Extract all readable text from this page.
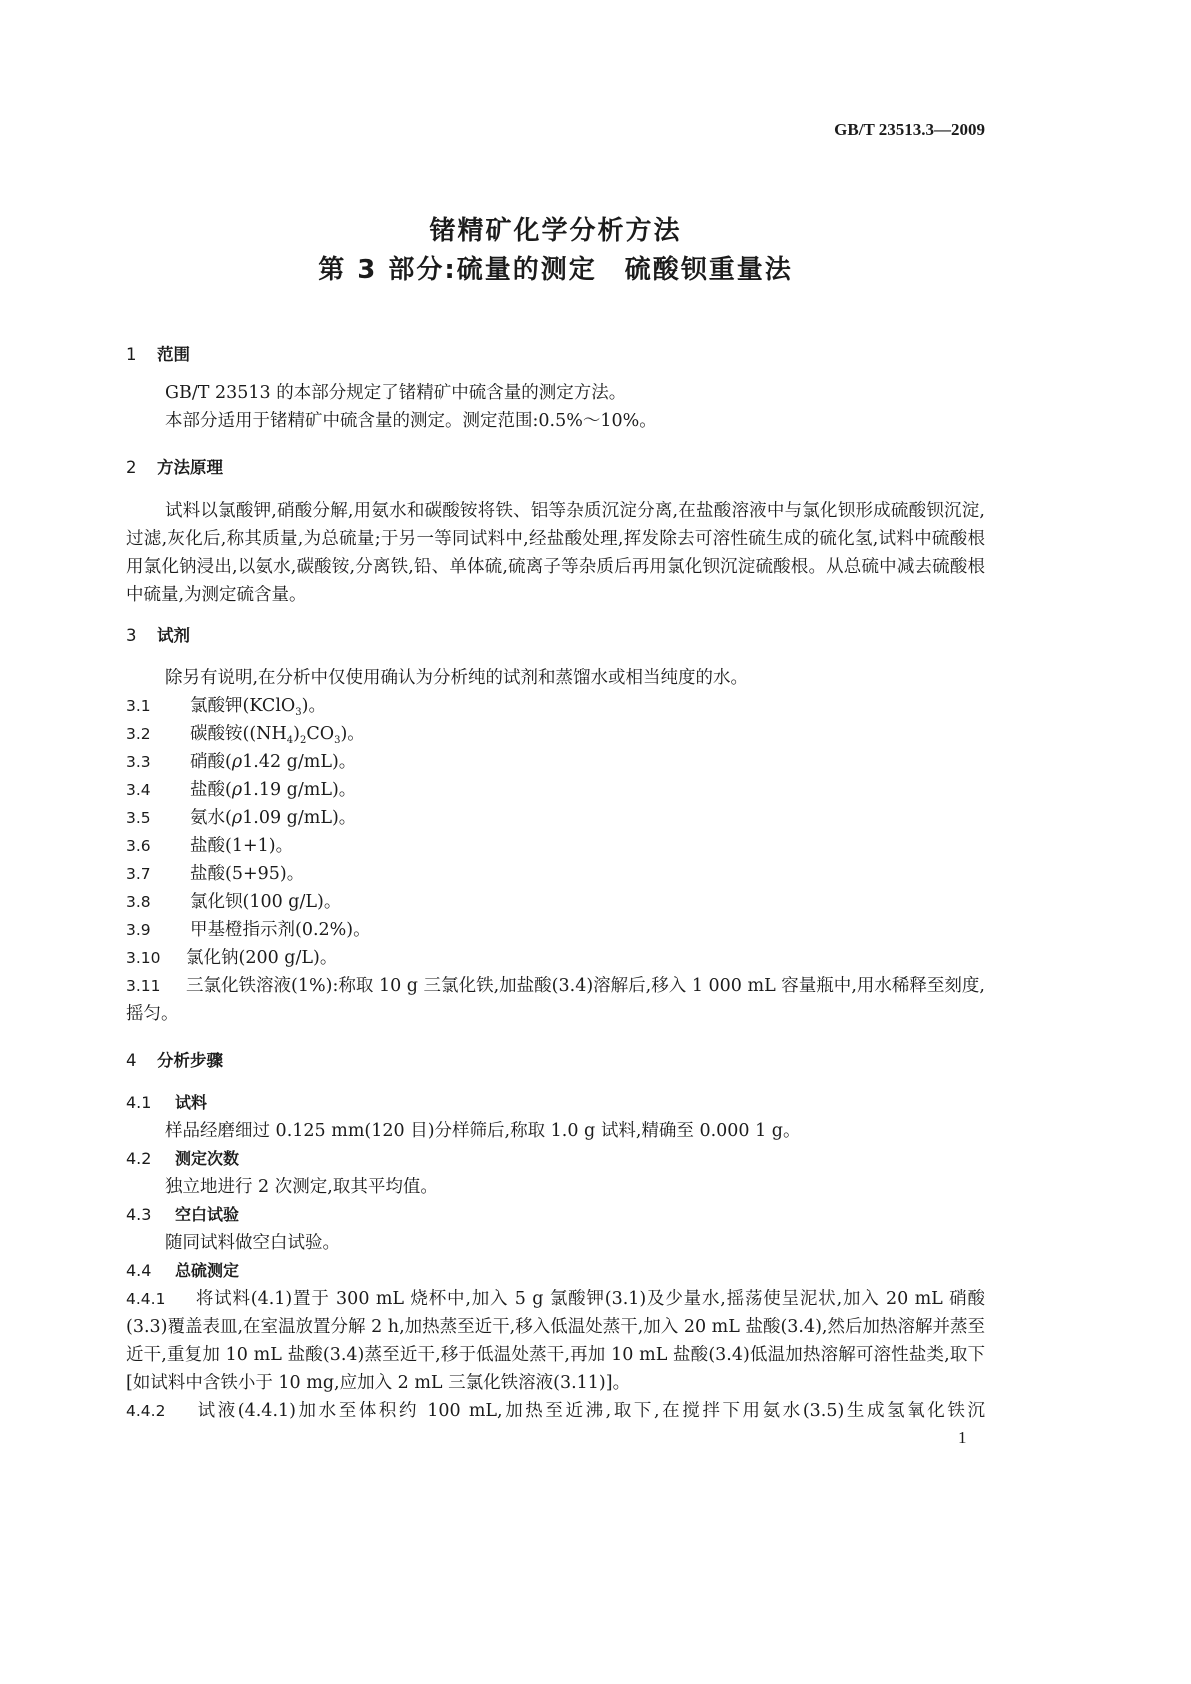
GB/T 23513.3—2009
锗精矿化学分析方法
第 3 部分:硫量的测定　硫酸钡重量法
1 范围

GB/T 23513 的本部分规定了锗精矿中硫含量的测定方法。

本部分适用于锗精矿中硫含量的测定。测定范围:0.5%～10%。

2 方法原理

试料以氯酸钾,硝酸分解,用氨水和碳酸铵将铁、铝等杂质沉淀分离,在盐酸溶液中与氯化钡形成硫酸钡沉淀,过滤,灰化后,称其质量,为总硫量;于另一等同试料中,经盐酸处理,挥发除去可溶性硫生成的硫化氢,试料中硫酸根用氯化钠浸出,以氨水,碳酸铵,分离铁,铅、单体硫,硫离子等杂质后再用氯化钡沉淀硫酸根。从总硫中减去硫酸根中硫量,为测定硫含量。

3 试剂

除另有说明,在分析中仅使用确认为分析纯的试剂和蒸馏水或相当纯度的水。

3.1 氯酸钾(KClO$_3$)。
3.2 碳酸铵$((NH_4)_2CO_3)$。
3.3 硝酸(ρ1.42 g/mL)。
3.4 盐酸(ρ1.19 g/mL)。
3.5 氨水(ρ1.09 g/mL)。
3.6 盐酸(1+1)。
3.7 盐酸(5+95)。
3.8 氯化钡(100 g/L)。
3.9 甲基橙指示剂(0.2%)。
3.10 氯化钠(200 g/L)。
3.11 三氯化铁溶液(1%):称取 10 g 三氯化铁,加盐酸(3.4)溶解后,移入 1 000 mL 容量瓶中,用水稀释至刻度,摇匀。
4 分析步骤
4.1 试料

样品经磨细过 0.125 mm(120 目)分样筛后,称取 1.0 g 试料,精确至 0.000 1 g。

4.2 测定次数

独立地进行 2 次测定,取其平均值。

4.3 空白试验

随同试料做空白试验。

4.4 总硫测定
4.4.1 将试料(4.1)置于 300 mL 烧杯中,加入 5 g 氯酸钾(3.1)及少量水,摇荡使呈泥状,加入 20 mL 硝酸(3.3)覆盖表皿,在室温放置分解 2 h,加热蒸至近干,移入低温处蒸干,加入 20 mL 盐酸(3.4),然后加热溶解并蒸至近干,重复加 10 mL 盐酸(3.4)蒸至近干,移于低温处蒸干,再加 10 mL 盐酸(3.4)低温加热溶解可溶性盐类,取下[如试料中含铁小于 10 mg,应加入 2 mL 三氯化铁溶液(3.11)]。
4.4.2 试液(4.4.1)加水至体积约 100 mL,加热至近沸,取下,在搅拌下用氨水(3.5)生成氢氧化铁沉
1
